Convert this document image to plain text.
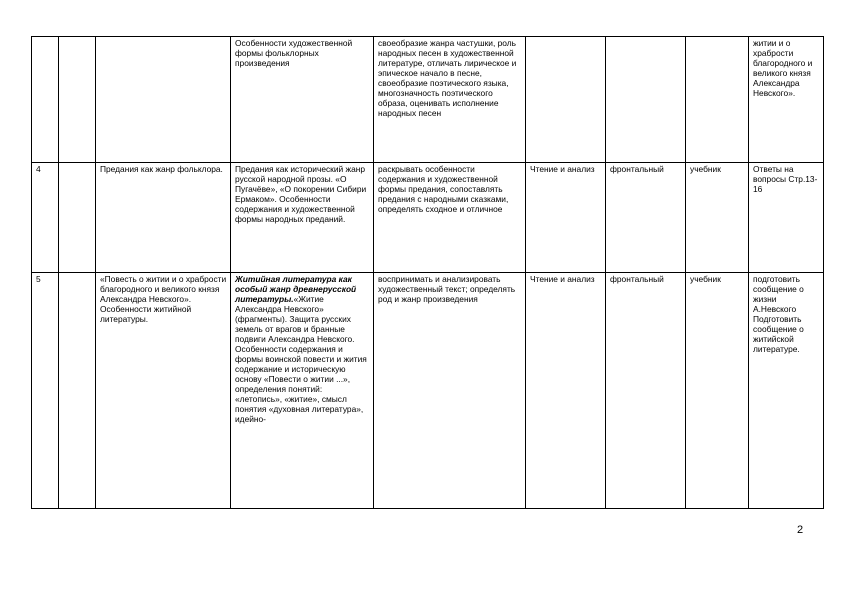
			Особенности художественной формы фольклорных произведения	своеобразие жанра частушки, роль народных песен в художественной литературе, отличать лирическое и эпическое начало в песне, своеобразие поэтического языка, многозначность поэтического образа, оценивать исполнение народных песен				житии и о храбрости благородного и великого князя Александра Невского».
4		Предания как жанр фольклора.	Предания как исторический жанр русской народной прозы. «О Пугачёве», «О покорении Сибири Ермаком». Особенности содержания и художественной формы народных преданий.	раскрывать особенности содержания и художественной формы предания, сопоставлять предания с народными сказками, определять сходное и отличное	Чтение и анализ	фронтальный	учебник	Ответы на вопросы Стр.13-16
5		«Повесть о житии и о храбрости благородного и великого князя Александра Невского». Особенности житийной литературы.	Житийная литература как особый жанр древнерусской литературы.«Житие Александра Невского» (фрагменты). Защита русских земель от врагов и бранные подвиги Александра Невского. Особенности содержания и формы воинской повести и жития содержание и историческую основу «Повести о житии ...», определения понятий: «летопись», «житие», смысл понятия «духовная литература», идейно-	воспринимать и анализировать художественный текст; определять род и жанр произведения	Чтение и анализ	фронтальный	учебник	подготовить сообщение о жизни А.Невского Подготовить сообщение о житийской литературе.
2
